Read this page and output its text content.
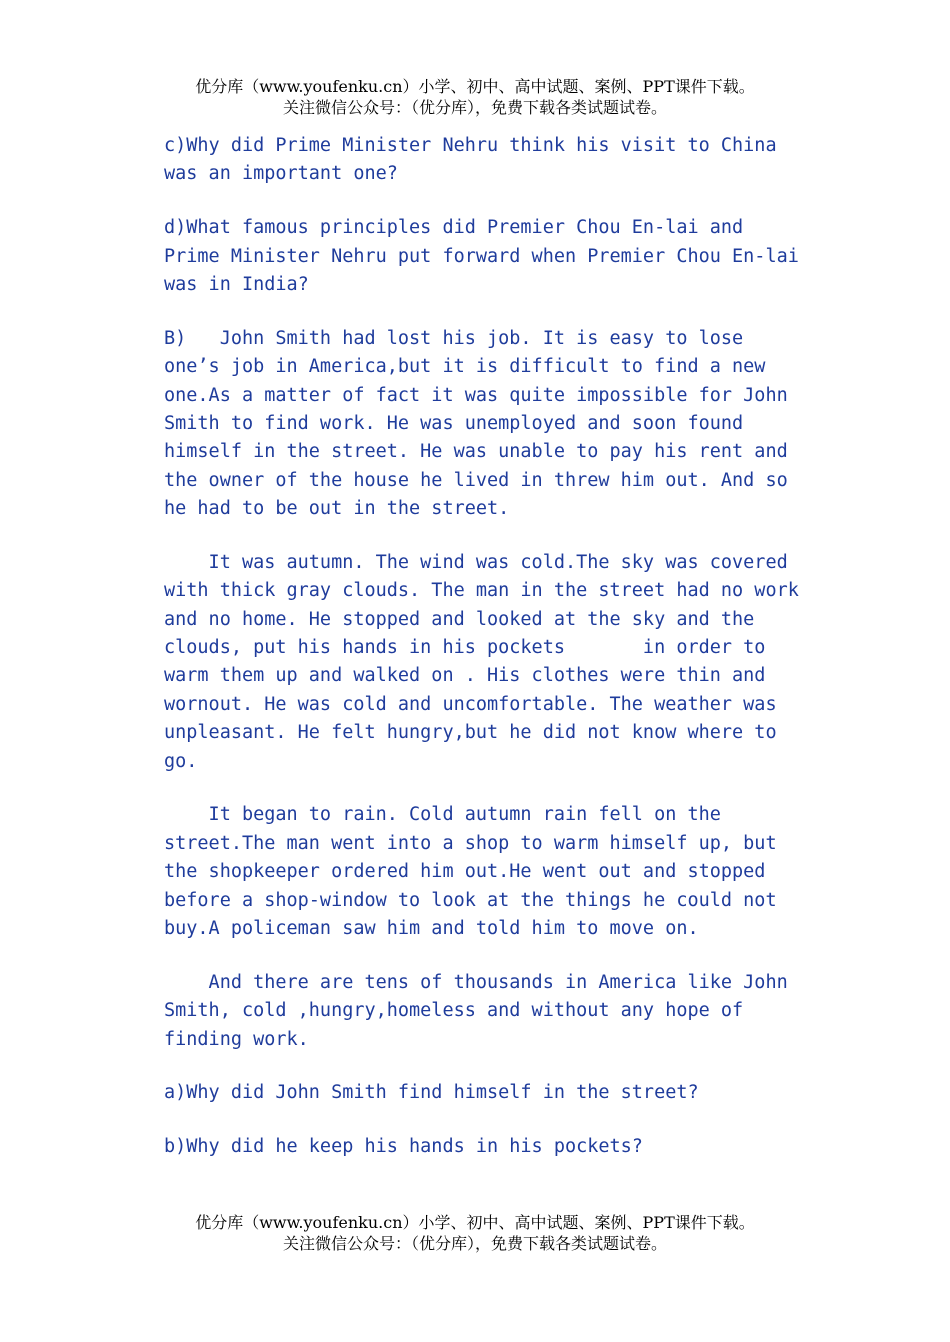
优分库（www.youfenku.cn）小学、初中、高中试题、案例、PPT课件下载。
关注微信公众号：（优分库），免费下载各类试题试卷。
c)Why did Prime Minister Nehru think his visit to China
was an important one?
d)What famous principles did Premier Chou En-lai and
Prime Minister Nehru put forward when Premier Chou En-lai
was in India?
B)   John Smith had lost his job. It is easy to lose
one’s job in America,but it is difficult to find a new
one.As a matter of fact it was quite impossible for John
Smith to find work. He was unemployed and soon found
himself in the street. He was unable to pay his rent and
the owner of the house he lived in threw him out. And so
he had to be out in the street.
It was autumn. The wind was cold.The sky was covered
with thick gray clouds. The man in the street had no work
and no home. He stopped and looked at the sky and the
clouds, put his hands in his pockets       in order to
warm them up and walked on . His clothes were thin and
wornout. He was cold and uncomfortable. The weather was
unpleasant. He felt hungry,but he did not know where to
go.
It began to rain. Cold autumn rain fell on the
street.The man went into a shop to warm himself up, but
the shopkeeper ordered him out.He went out and stopped
before a shop-window to look at the things he could not
buy.A policeman saw him and told him to move on.
And there are tens of thousands in America like John
Smith, cold ,hungry,homeless and without any hope of
finding work.
a)Why did John Smith find himself in the street?
b)Why did he keep his hands in his pockets?
优分库（www.youfenku.cn）小学、初中、高中试题、案例、PPT课件下载。
关注微信公众号：（优分库），免费下载各类试题试卷。
